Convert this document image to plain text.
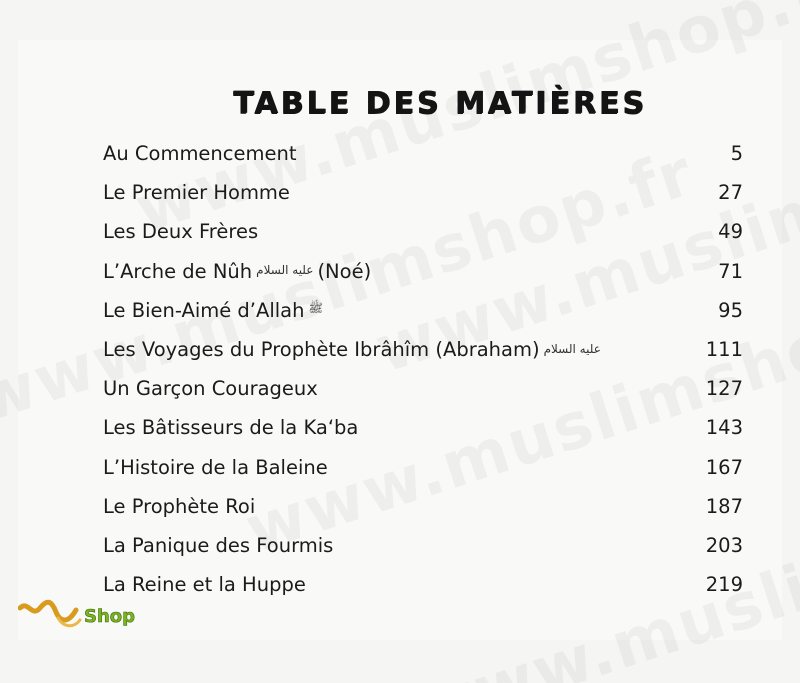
TABLE DES MATIÈRES
Au Commencement	5
Le Premier Homme	27
Les Deux Frères	49
L’Arche de Nûh عليه السلام (Noé)	71
Le Bien-Aimé d’Allah ﷺ	95
Les Voyages du Prophète Ibrâhîm (Abraham) عليه السلام	111
Un Garçon Courageux	127
Les Bâtisseurs de la Ka‘ba	143
L’Histoire de la Baleine	167
Le Prophète Roi	187
La Panique des Fourmis	203
La Reine et la Huppe	219
Shop
